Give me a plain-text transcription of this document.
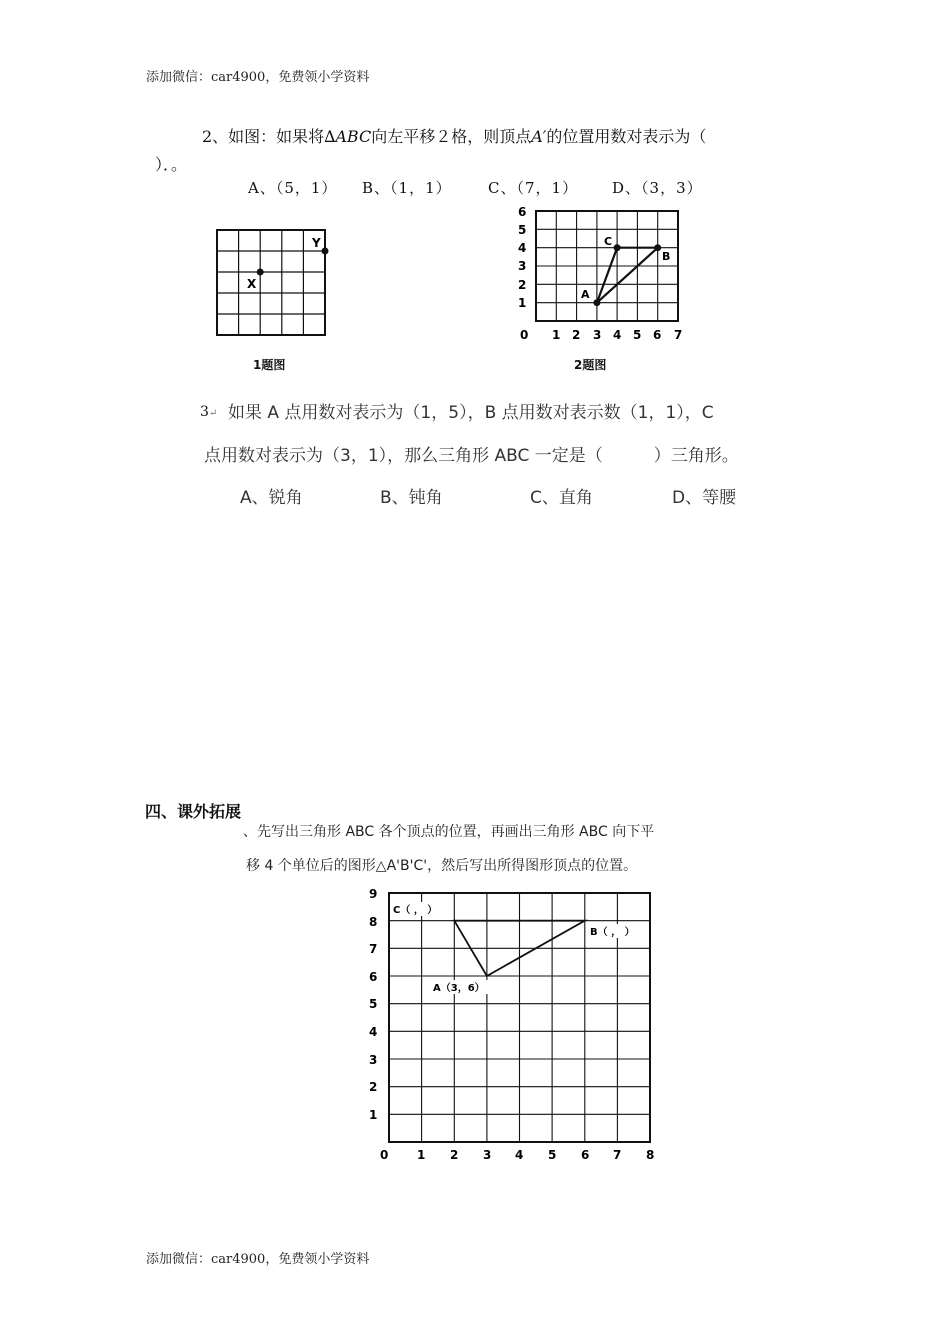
添加微信：car4900，免费领小学资料
2、如图：如果将∆ABC向左平移２格，则顶点A′的位置用数对表示为（
）．。
A、（5，1） B、（1，1） C、（7，1） D、（3，3）
X
Y
1题图
A
B
C
0 1 2 3 4 5 6 7
1
2
3
4
5
6
2题图
3↵ 如果 A 点用数对表示为（1，5），B 点用数对表示数（1，1），C
点用数对表示为（3，1），那么三角形 ABC 一定是（　　　）三角形。
A、锐角	B、钝角	C、直角	D、等腰
四、课外拓展
、先写出三角形 ABC 各个顶点的位置，再画出三角形 ABC 向下平
移 4 个单位后的图形△A'B'C'，然后写出所得图形顶点的位置。
C（ ， ）
B（ ， ）
A（3，6）
0 1 2 3 4 5 6 7 8
1
2
3
4
5
6
7
8
9
添加微信：car4900，免费领小学资料
